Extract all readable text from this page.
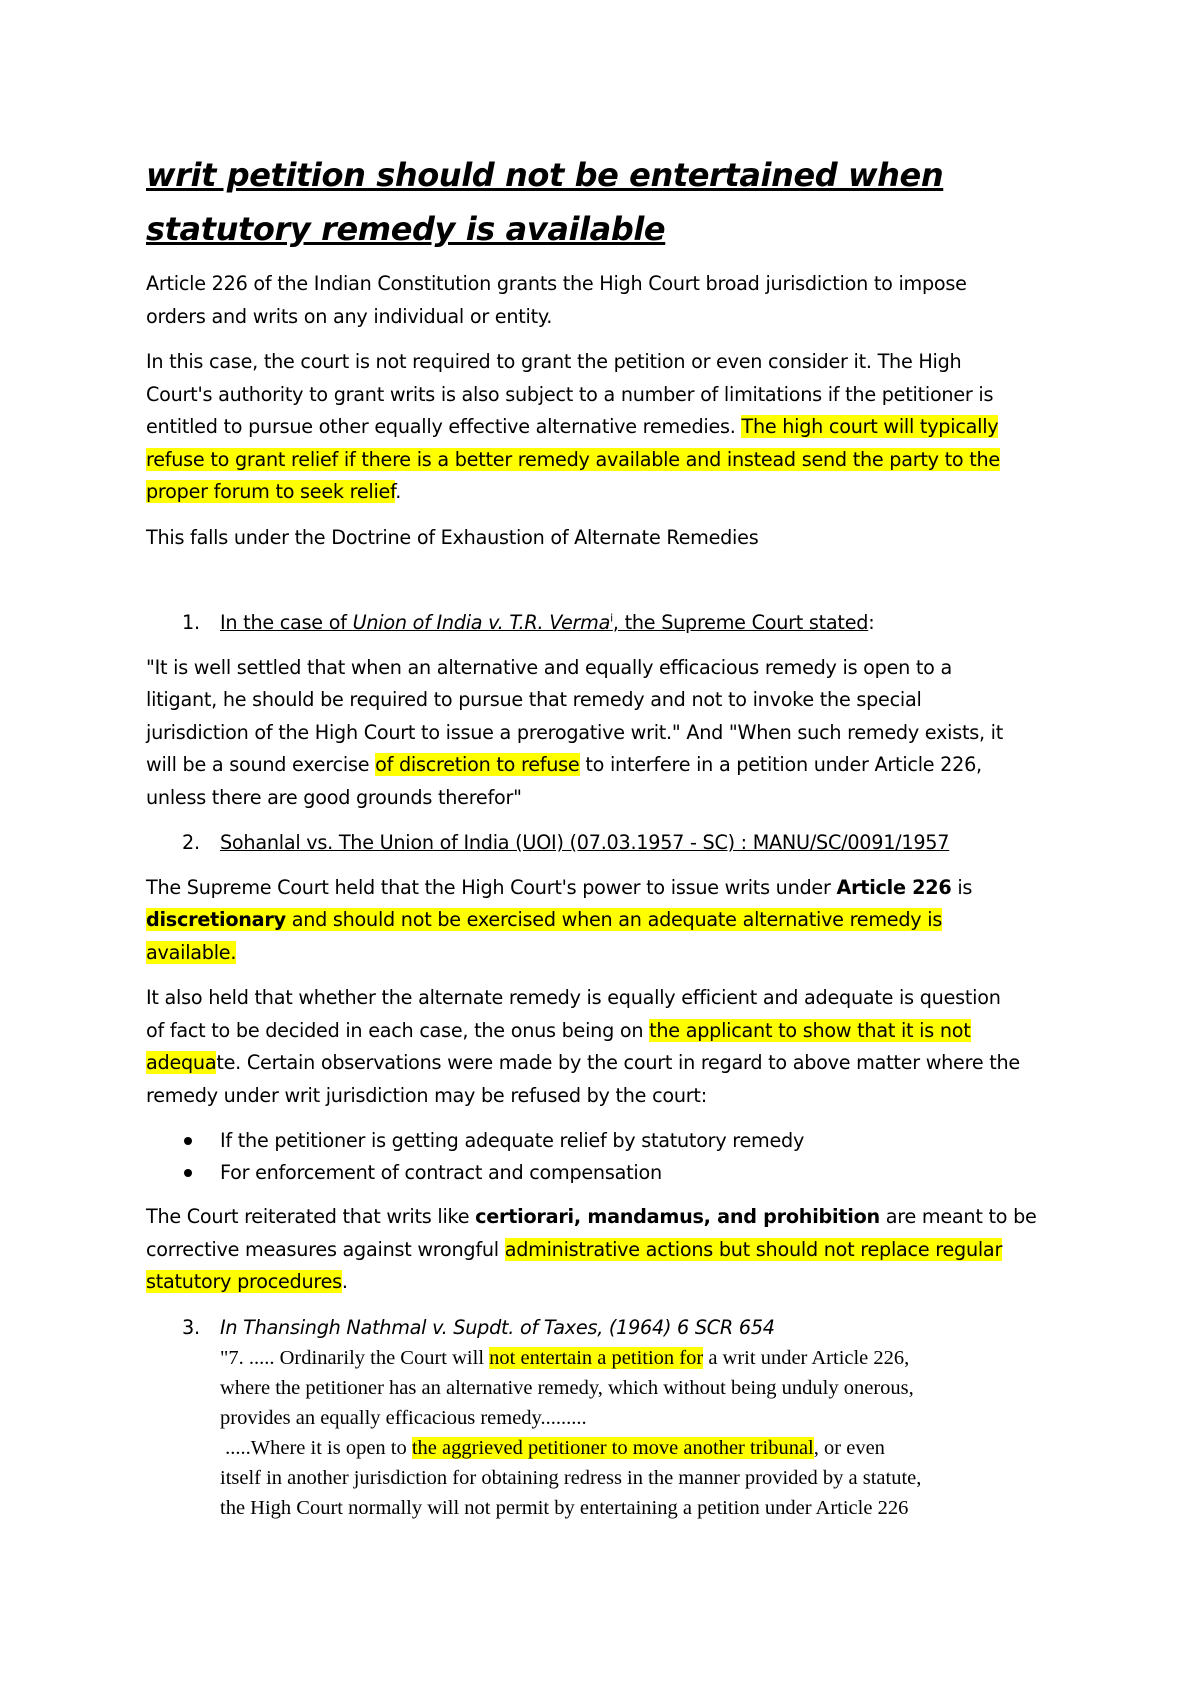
writ petition should not be entertained when
statutory remedy is available
Article 226 of the Indian Constitution grants the High Court broad jurisdiction to impose
orders and writs on any individual or entity.
In this case, the court is not required to grant the petition or even consider it. The High
Court's authority to grant writs is also subject to a number of limitations if the petitioner is
entitled to pursue other equally effective alternative remedies. The high court will typically
refuse to grant relief if there is a better remedy available and instead send the party to the
proper forum to seek relief.
This falls under the Doctrine of Exhaustion of Alternate Remedies
1. In the case of Union of India v. T.R. Verma$^i$, the Supreme Court stated:
"It is well settled that when an alternative and equally efficacious remedy is open to a
litigant, he should be required to pursue that remedy and not to invoke the special
jurisdiction of the High Court to issue a prerogative writ." And "When such remedy exists, it
will be a sound exercise of discretion to refuse to interfere in a petition under Article 226,
unless there are good grounds therefor"
2. Sohanlal vs. The Union of India (UOI) (07.03.1957 - SC) : MANU/SC/0091/1957
The Supreme Court held that the High Court's power to issue writs under Article 226 is
discretionary and should not be exercised when an adequate alternative remedy is
available.
It also held that whether the alternate remedy is equally efficient and adequate is question
of fact to be decided in each case, the onus being on the applicant to show that it is not
adequate. Certain observations were made by the court in regard to above matter where the
remedy under writ jurisdiction may be refused by the court:
If the petitioner is getting adequate relief by statutory remedy
For enforcement of contract and compensation
The Court reiterated that writs like certiorari, mandamus, and prohibition are meant to be
corrective measures against wrongful administrative actions but should not replace regular
statutory procedures.
3. In Thansingh Nathmal v. Supdt. of Taxes, (1964) 6 SCR 654
"7. ..... Ordinarily the Court will not entertain a petition for a writ under Article 226,
where the petitioner has an alternative remedy, which without being unduly onerous,
provides an equally efficacious remedy.........
.....Where it is open to the aggrieved petitioner to move another tribunal, or even
itself in another jurisdiction for obtaining redress in the manner provided by a statute,
the High Court normally will not permit by entertaining a petition under Article 226
